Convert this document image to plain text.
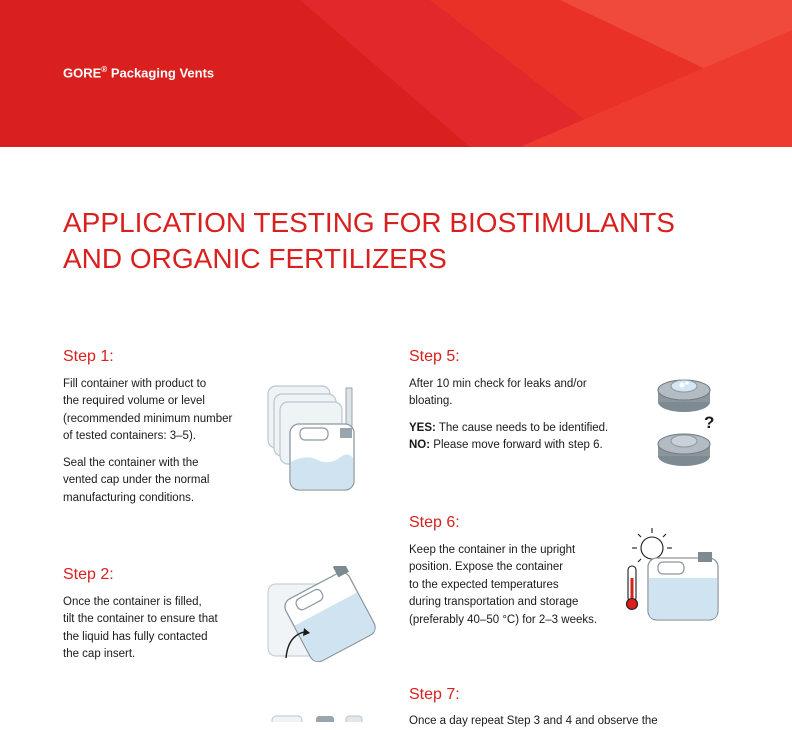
GORE® Packaging Vents
APPLICATION TESTING FOR BIOSTIMULANTS
AND ORGANIC FERTILIZERS
Step 1:

Fill container with product to
the required volume or level
(recommended minimum number
of tested containers: 3–5).

Seal the container with the
vented cap under the normal
manufacturing conditions.

Step 2:

Once the container is filled,
tilt the container to ensure that
the liquid has fully contacted
the cap insert.

Step 5:

After 10 min check for leaks and/or
bloating.

YES: The cause needs to be identified.
NO: Please move forward with step 6.

?
Step 6:

Keep the container in the upright
position. Expose the container
to the expected temperatures
during transportation and storage
(preferably 40–50 °C) for 2–3 weeks.

Step 7:

Once a day repeat Step 3 and 4 and observe the
